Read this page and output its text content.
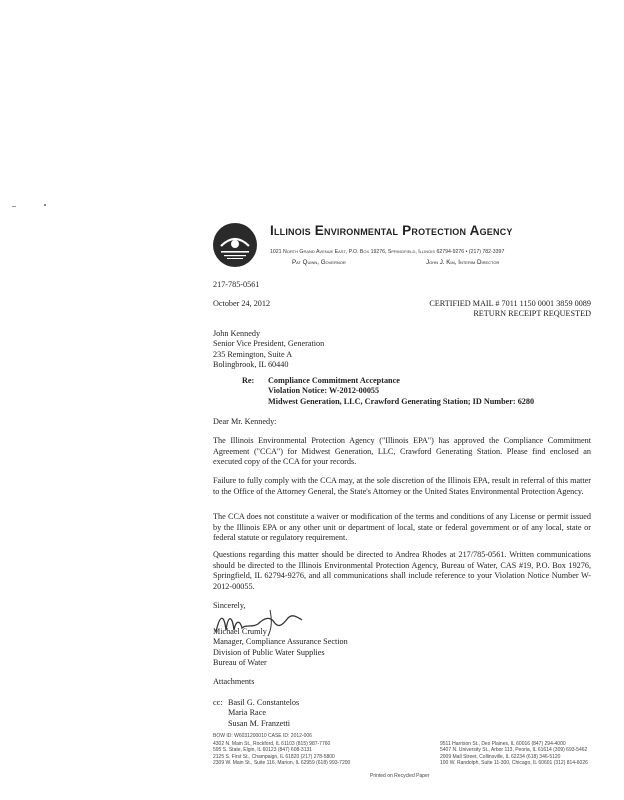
Illinois Environmental Protection Agency
1021 North Grand Avenue East, P.O. Box 19276, Springfield, Illinois 62794-9276 • (217) 782-3397
Pat Quinn, Governor	John J. Kim, Interim Director
217-785-0561
October 24, 2012	CERTIFIED MAIL # 7011 1150 0001 3859 0089
RETURN RECEIPT REQUESTED
John Kennedy
Senior Vice President, Generation
235 Remington, Suite A
Bolingbrook, IL 60440
Re: Compliance Commitment Acceptance
Violation Notice: W-2012-00055
Midwest Generation, LLC, Crawford Generating Station; ID Number: 6280
Dear Mr. Kennedy:
The Illinois Environmental Protection Agency ("Illinois EPA") has approved the Compliance Commitment Agreement ("CCA") for Midwest Generation, LLC, Crawford Generating Station. Please find enclosed an executed copy of the CCA for your records.
Failure to fully comply with the CCA may, at the sole discretion of the Illinois EPA, result in referral of this matter to the Office of the Attorney General, the State's Attorney or the United States Environmental Protection Agency.
The CCA does not constitute a waiver or modification of the terms and conditions of any License or permit issued by the Illinois EPA or any other unit or department of local, state or federal government or of any local, state or federal statute or regulatory requirement.
Questions regarding this matter should be directed to Andrea Rhodes at 217/785-0561. Written communications should be directed to the Illinois Environmental Protection Agency, Bureau of Water, CAS #19, P.O. Box 19276, Springfield, IL 62794-9276, and all communications shall include reference to your Violation Notice Number W-2012-00055.
Sincerely,
Michael Crumly
Manager, Compliance Assurance Section
Division of Public Water Supplies
Bureau of Water
Attachments
cc: Basil G. Constantelos
Maria Race
Susan M. Franzetti
BOW ID: W6031200010 CASE ID: 2012-006
4302 N. Main St., Rockford, IL 61103 (815) 987-7760
595 S. State, Elgin, IL 60123 (847) 608-3131
2125 S. First St., Champaign, IL 61820 (217) 278-5800
2309 W. Main St., Suite 116, Marion, IL 62959 (618) 993-7200
9511 Harrison St., Des Plaines, IL 60016 (847) 294-4000
5407 N. University St., Arbor 113, Peoria, IL 61614 (309) 693-5462
2009 Mall Street, Collinsville, IL 62234 (618) 346-5120
100 W. Randolph, Suite 11-300, Chicago, IL 60601 (312) 814-6026
Printed on Recycled Paper
